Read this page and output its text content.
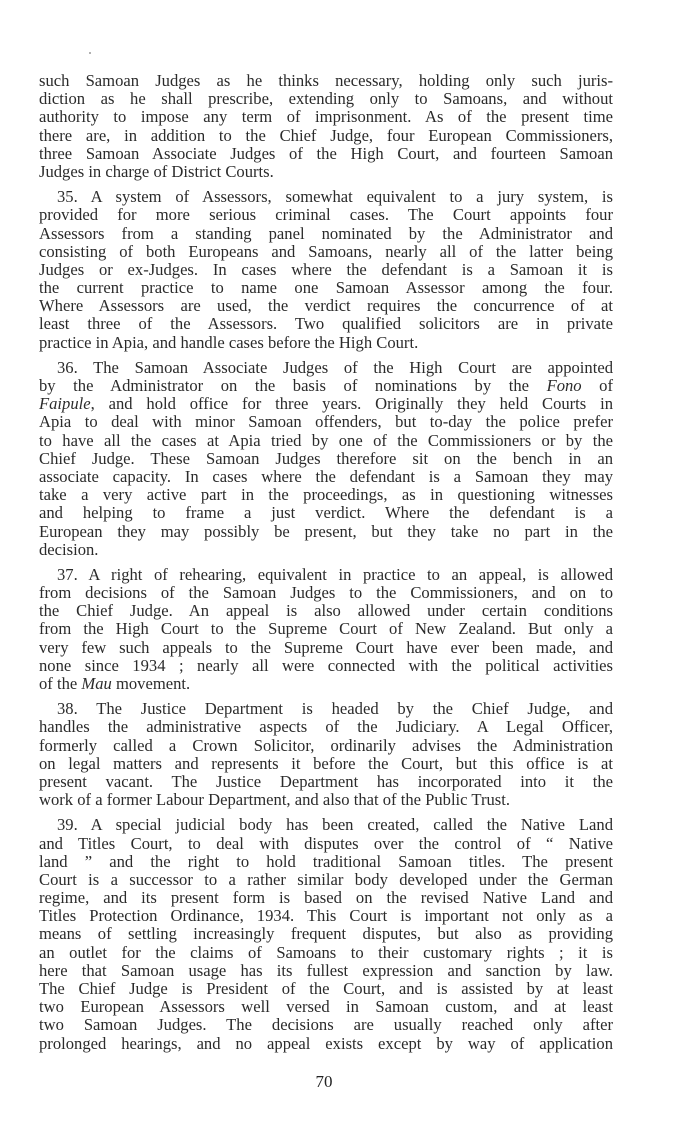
such Samoan Judges as he thinks necessary, holding only such juris-
diction as he shall prescribe, extending only to Samoans, and without
authority to impose any term of imprisonment. As of the present time
there are, in addition to the Chief Judge, four European Commissioners,
three Samoan Associate Judges of the High Court, and fourteen Samoan
Judges in charge of District Courts.
35. A system of Assessors, somewhat equivalent to a jury system, is
provided for more serious criminal cases. The Court appoints four
Assessors from a standing panel nominated by the Administrator and
consisting of both Europeans and Samoans, nearly all of the latter being
Judges or ex-Judges. In cases where the defendant is a Samoan it is
the current practice to name one Samoan Assessor among the four.
Where Assessors are used, the verdict requires the concurrence of at
least three of the Assessors. Two qualified solicitors are in private
practice in Apia, and handle cases before the High Court.
36. The Samoan Associate Judges of the High Court are appointed
by the Administrator on the basis of nominations by the Fono of
Faipule, and hold office for three years. Originally they held Courts in
Apia to deal with minor Samoan offenders, but to-day the police prefer
to have all the cases at Apia tried by one of the Commissioners or by the
Chief Judge. These Samoan Judges therefore sit on the bench in an
associate capacity. In cases where the defendant is a Samoan they may
take a very active part in the proceedings, as in questioning witnesses
and helping to frame a just verdict. Where the defendant is a
European they may possibly be present, but they take no part in the
decision.
37. A right of rehearing, equivalent in practice to an appeal, is allowed
from decisions of the Samoan Judges to the Commissioners, and on to
the Chief Judge. An appeal is also allowed under certain conditions
from the High Court to the Supreme Court of New Zealand. But only a
very few such appeals to the Supreme Court have ever been made, and
none since 1934 ; nearly all were connected with the political activities
of the Mau movement.
38. The Justice Department is headed by the Chief Judge, and
handles the administrative aspects of the Judiciary. A Legal Officer,
formerly called a Crown Solicitor, ordinarily advises the Administration
on legal matters and represents it before the Court, but this office is at
present vacant. The Justice Department has incorporated into it the
work of a former Labour Department, and also that of the Public Trust.
39. A special judicial body has been created, called the Native Land
and Titles Court, to deal with disputes over the control of “ Native
land ” and the right to hold traditional Samoan titles. The present
Court is a successor to a rather similar body developed under the German
regime, and its present form is based on the revised Native Land and
Titles Protection Ordinance, 1934. This Court is important not only as a
means of settling increasingly frequent disputes, but also as providing
an outlet for the claims of Samoans to their customary rights ; it is
here that Samoan usage has its fullest expression and sanction by law.
The Chief Judge is President of the Court, and is assisted by at least
two European Assessors well versed in Samoan custom, and at least
two Samoan Judges. The decisions are usually reached only after
prolonged hearings, and no appeal exists except by way of application
70
